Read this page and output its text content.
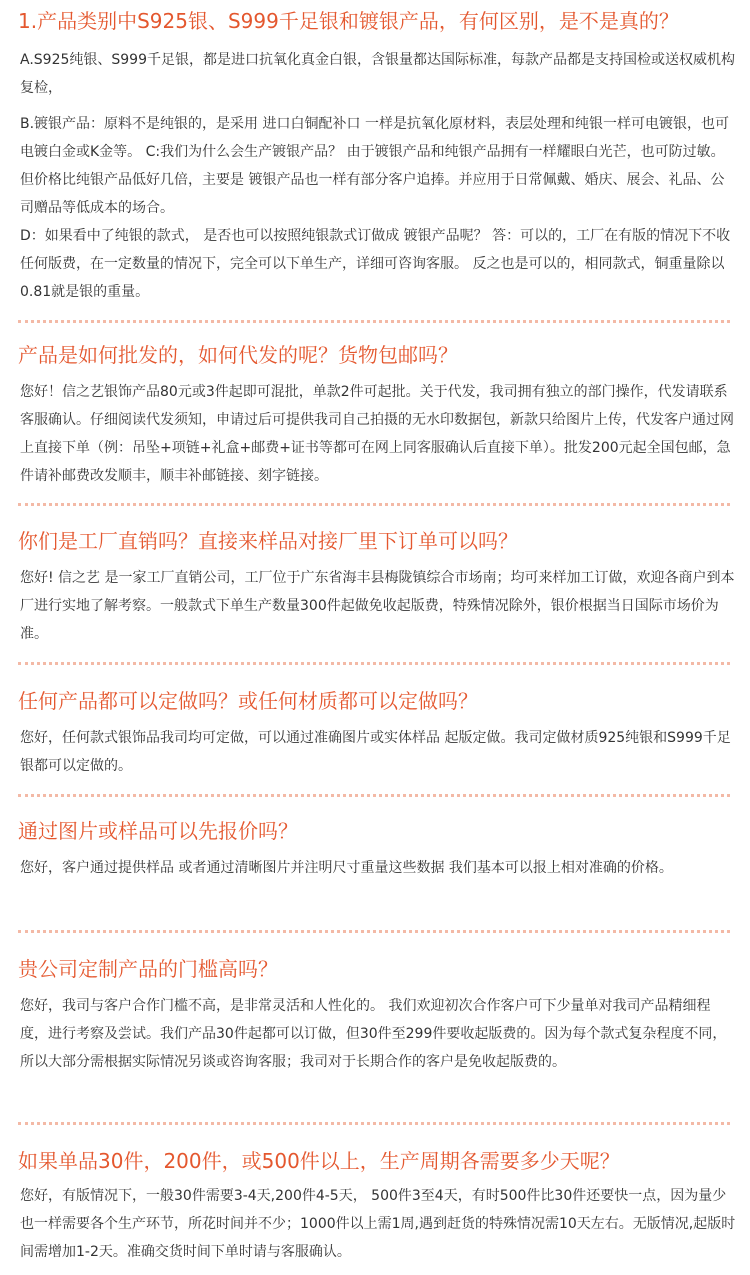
1.产品类别中S925银、S999千足银和镀银产品，有何区别，是不是真的？

A.S925纯银、S999千足银，都是进口抗氧化真金白银，含银量都达国际标准，每款产品都是支持国检或送权威机构复检，

B.镀银产品：原料不是纯银的，是采用 进口白铜配补口 一样是抗氧化原材料，表层处理和纯银一样可电镀银，也可电镀白金或K金等。 C:我们为什么会生产镀银产品？ 由于镀银产品和纯银产品拥有一样耀眼白光芒，也可防过敏。但价格比纯银产品低好几倍，主要是 镀银产品也一样有部分客户追捧。并应用于日常佩戴、婚庆、展会、礼品、公司赠品等低成本的场合。

D：如果看中了纯银的款式， 是否也可以按照纯银款式订做成 镀银产品呢？ 答：可以的，工厂在有版的情况下不收任何版费，在一定数量的情况下，完全可以下单生产，详细可咨询客服。 反之也是可以的，相同款式，铜重量除以0.81就是银的重量。

产品是如何批发的，如何代发的呢？货物包邮吗？

您好！信之艺银饰产品80元或3件起即可混批，单款2件可起批。关于代发，我司拥有独立的部门操作，代发请联系客服确认。仔细阅读代发须知，申请过后可提供我司自己拍摄的无水印数据包，新款只给图片上传，代发客户通过网上直接下单（例：吊坠+项链+礼盒+邮费+证书等都可在网上同客服确认后直接下单）。批发200元起全国包邮，急件请补邮费改发顺丰，顺丰补邮链接、刻字链接。

你们是工厂直销吗？直接来样品对接厂里下订单可以吗？

您好! 信之艺 是一家工厂直销公司，工厂位于广东省海丰县梅陇镇综合市场南；均可来样加工订做，欢迎各商户到本厂进行实地了解考察。一般款式下单生产数量300件起做免收起版费，特殊情况除外，银价根据当日国际市场价为准。

任何产品都可以定做吗？或任何材质都可以定做吗？

您好，任何款式银饰品我司均可定做，可以通过准确图片或实体样品 起版定做。我司定做材质925纯银和S999千足银都可以定做的。

通过图片或样品可以先报价吗？

您好，客户通过提供样品 或者通过清晰图片并注明尺寸重量这些数据 我们基本可以报上相对准确的价格。

贵公司定制产品的门槛高吗？

您好，我司与客户合作门槛不高，是非常灵活和人性化的。 我们欢迎初次合作客户可下少量单对我司产品精细程度，进行考察及尝试。我们产品30件起都可以订做，但30件至299件要收起版费的。因为每个款式复杂程度不同，所以大部分需根据实际情况另谈或咨询客服；我司对于长期合作的客户是免收起版费的。

如果单品30件，200件，或500件以上，生产周期各需要多少天呢？

您好，有版情况下，一般30件需要3-4天,200件4-5天， 500件3至4天，有时500件比30件还要快一点，因为量少也一样需要各个生产环节，所花时间并不少；1000件以上需1周,遇到赶货的特殊情况需10天左右。无版情况,起版时间需增加1-2天。准确交货时间下单时请与客服确认。
